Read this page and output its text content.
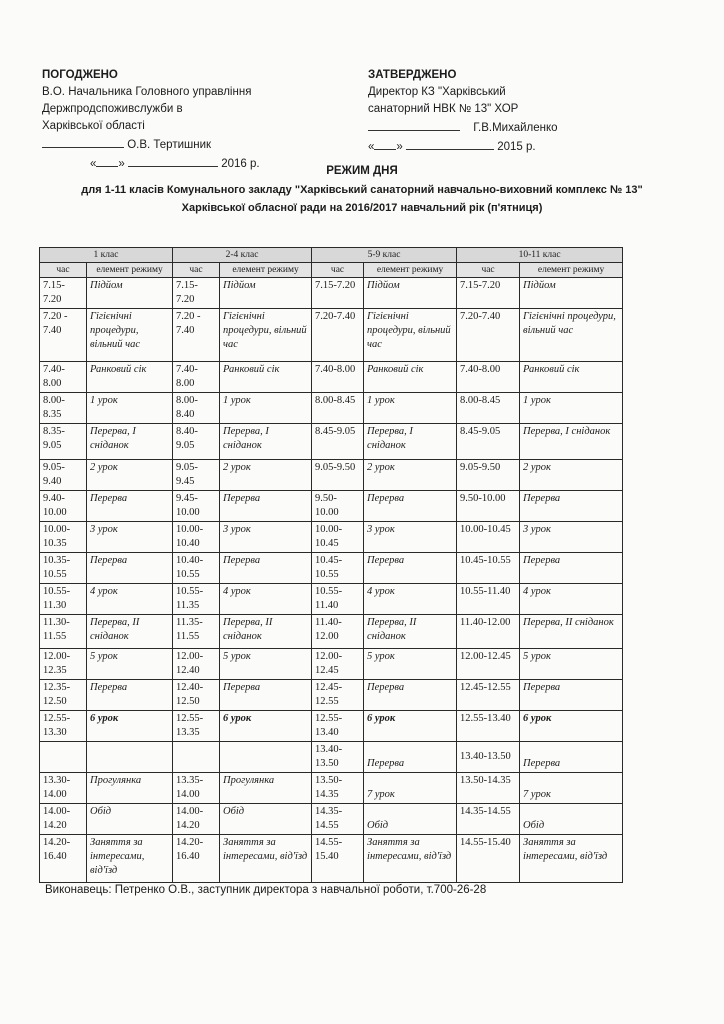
ПОГОДЖЕНО
В.О. Начальника Головного управління
Держпродспоживслужби в
Харківської області
О.В. Тертишник
« »	2016 р.
ЗАТВЕРДЖЕНО
Директор КЗ "Харківський
санаторний НВК № 13" ХОР
Г.В.Михайленко
« »	2015 р.
РЕЖИМ ДНЯ
для 1-11 класів Комунального закладу "Харківський санаторний навчально-виховний комплекс № 13"
Харківської обласної ради на 2016/2017 навчальний рік (п'ятниця)
1 клас		2-4 клас		5-9 клас		10-11 клас	
час	елемент режиму	час	елемент режиму	час	елемент режиму	час	елемент режиму
7.15-7.20	Підйом	7.15-7.20	Підйом	7.15-7.20	Підйом	7.15-7.20	Підйом
7.20 - 7.40	Гігієнічні процедури, вільний час	7.20 - 7.40	Гігієнічні процедури, вільний час	7.20-7.40	Гігієнічні процедури, вільний час	7.20-7.40	Гігієнічні процедури, вільний час
7.40-8.00	Ранковий сік	7.40-8.00	Ранковий сік	7.40-8.00	Ранковий сік	7.40-8.00	Ранковий сік
8.00-8.35	1 урок	8.00-8.40	1 урок	8.00-8.45	1 урок	8.00-8.45	1 урок
8.35-9.05	Перерва, І сніданок	8.40-9.05	Перерва, І сніданок	8.45-9.05	Перерва, І сніданок	8.45-9.05	Перерва, І сніданок
9.05-9.40	2 урок	9.05-9.45	2 урок	9.05-9.50	2 урок	9.05-9.50	2 урок
9.40-10.00	Перерва	9.45-10.00	Перерва	9.50-10.00	Перерва	9.50-10.00	Перерва
10.00-10.35	3 урок	10.00-10.40	3 урок	10.00-10.45	3 урок	10.00-10.45	3 урок
10.35-10.55	Перерва	10.40-10.55	Перерва	10.45-10.55	Перерва	10.45-10.55	Перерва
10.55-11.30	4 урок	10.55-11.35	4 урок	10.55-11.40	4 урок	10.55-11.40	4 урок
11.30-11.55	Перерва, ІІ сніданок	11.35-11.55	Перерва, ІІ сніданок	11.40-12.00	Перерва, ІІ сніданок	11.40-12.00	Перерва, ІІ сніданок
12.00-12.35	5 урок	12.00-12.40	5 урок	12.00-12.45	5 урок	12.00-12.45	5 урок
12.35-12.50	Перерва	12.40-12.50	Перерва	12.45-12.55	Перерва	12.45-12.55	Перерва
12.55-13.30	6 урок	12.55-13.35	6 урок	12.55-13.40	6 урок	12.55-13.40	6 урок
				13.40-13.50	Перерва	13.40-13.50	Перерва
13.30-14.00	Прогулянка	13.35-14.00	Прогулянка	13.50-14.35	7 урок	13.50-14.35	7 урок
14.00-14.20	Обід	14.00-14.20	Обід	14.35-14.55	Обід	14.35-14.55	Обід
14.20-16.40	Заняття за інтересами, від'їзд	14.20-16.40	Заняття за інтересами, від'їзд	14.55-15.40	Заняття за інтересами, від'їзд	14.55-15.40	Заняття за інтересами, від'їзд
Виконавець: Петренко О.В., заступник директора з навчальної роботи, т.700-26-28
